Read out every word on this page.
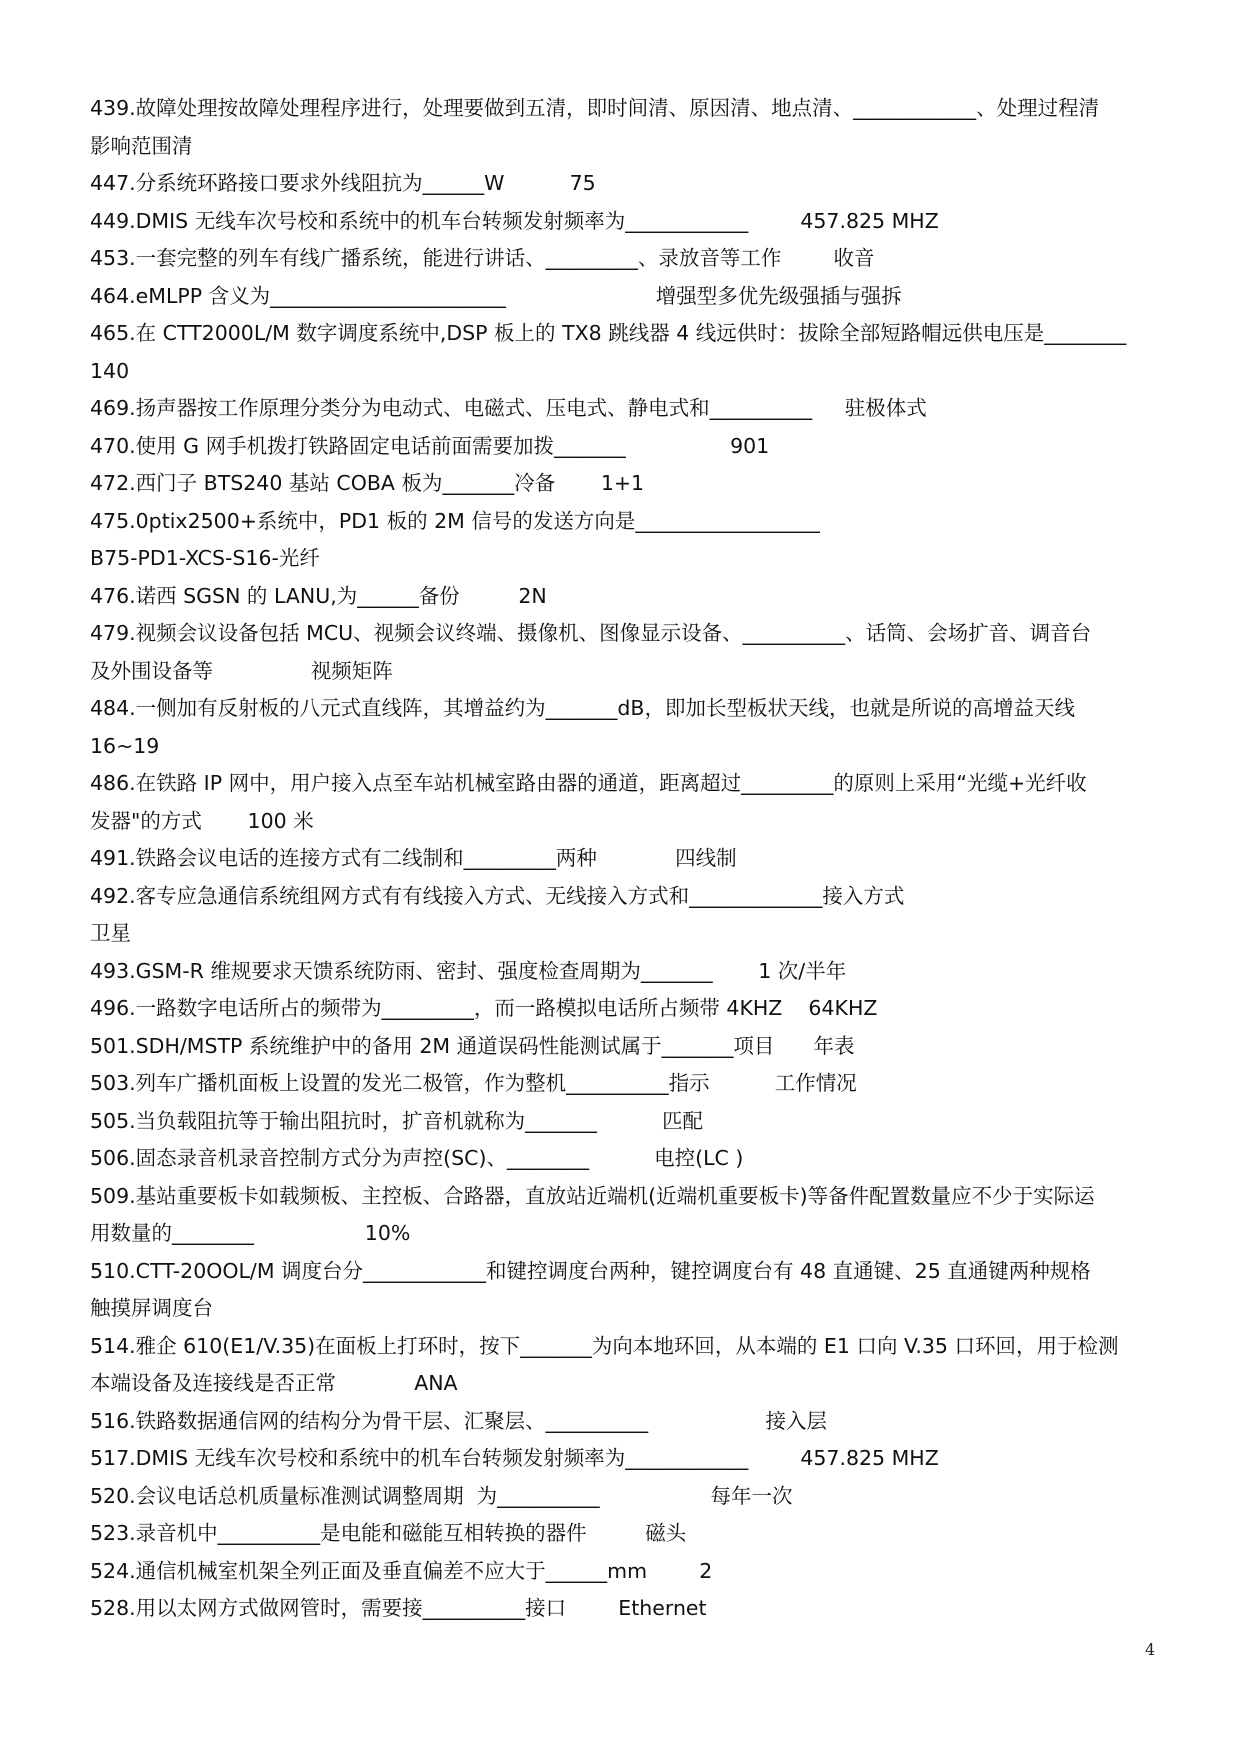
439.故障处理按故障处理程序进行，处理要做到五清，即时间清、原因清、地点清、____________、处理过程清
影响范围清
447.分系统环路接口要求外线阻抗为______W          75
449.DMIS 无线车次号校和系统中的机车台转频发射频率为____________        457.825 MHZ
453.一套完整的列车有线广播系统，能进行讲话、_________、录放音等工作        收音
464.eMLPP 含义为_______________________                       增强型多优先级强插与强拆
465.在 CTT2000L/M 数字调度系统中,DSP 板上的 TX8 跳线器 4 线远供时：拔除全部短路帽远供电压是________
140
469.扬声器按工作原理分类分为电动式、电磁式、压电式、静电式和__________     驻极体式
470.使用 G 网手机拨打铁路固定电话前面需要加拨_______                901
472.西门子 BTS240 基站 COBA 板为_______冷备       1+1
475.0ptix2500+系统中，PD1 板的 2M 信号的发送方向是__________________
B75-PD1-XCS-S16-光纤
476.诺西 SGSN 的 LANU,为______备份         2N
479.视频会议设备包括 MCU、视频会议终端、摄像机、图像显示设备、__________、话筒、会场扩音、调音台
及外围设备等               视频矩阵
484.一侧加有反射板的八元式直线阵，其增益约为_______dB，即加长型板状天线，也就是所说的高增益天线
16~19
486.在铁路 IP 网中，用户接入点至车站机械室路由器的通道，距离超过_________的原则上采用“光缆+光纤收
发器"的方式       100 米
491.铁路会议电话的连接方式有二线制和_________两种            四线制
492.客专应急通信系统组网方式有有线接入方式、无线接入方式和_____________接入方式
卫星
493.GSM-R 维规要求天馈系统防雨、密封、强度检查周期为_______       1 次/半年
496.一路数字电话所占的频带为_________，而一路模拟电话所占频带 4KHZ    64KHZ
501.SDH/MSTP 系统维护中的备用 2M 通道误码性能测试属于_______项目      年表
503.列车广播机面板上设置的发光二极管，作为整机__________指示          工作情况
505.当负载阻抗等于输出阻抗时，扩音机就称为_______          匹配
506.固态录音机录音控制方式分为声控(SC)、________          电控(LC )
509.基站重要板卡如载频板、主控板、合路器，直放站近端机(近端机重要板卡)等备件配置数量应不少于实际运
用数量的________                 10%
510.CTT-20OOL/M 调度台分____________和键控调度台两种，键控调度台有 48 直通键、25 直通键两种规格
触摸屏调度台
514.雅企 610(E1/V.35)在面板上打环时，按下_______为向本地环回，从本端的 E1 口向 V.35 口环回，用于检测
本端设备及连接线是否正常            ANA
516.铁路数据通信网的结构分为骨干层、汇聚层、__________                  接入层
517.DMIS 无线车次号校和系统中的机车台转频发射频率为____________        457.825 MHZ
520.会议电话总机质量标准测试调整周期  为__________                 每年一次
523.录音机中__________是电能和磁能互相转换的器件         磁头
524.通信机械室机架全列正面及垂直偏差不应大于______mm        2
528.用以太网方式做网管时，需要接__________接口        Ethernet
4
